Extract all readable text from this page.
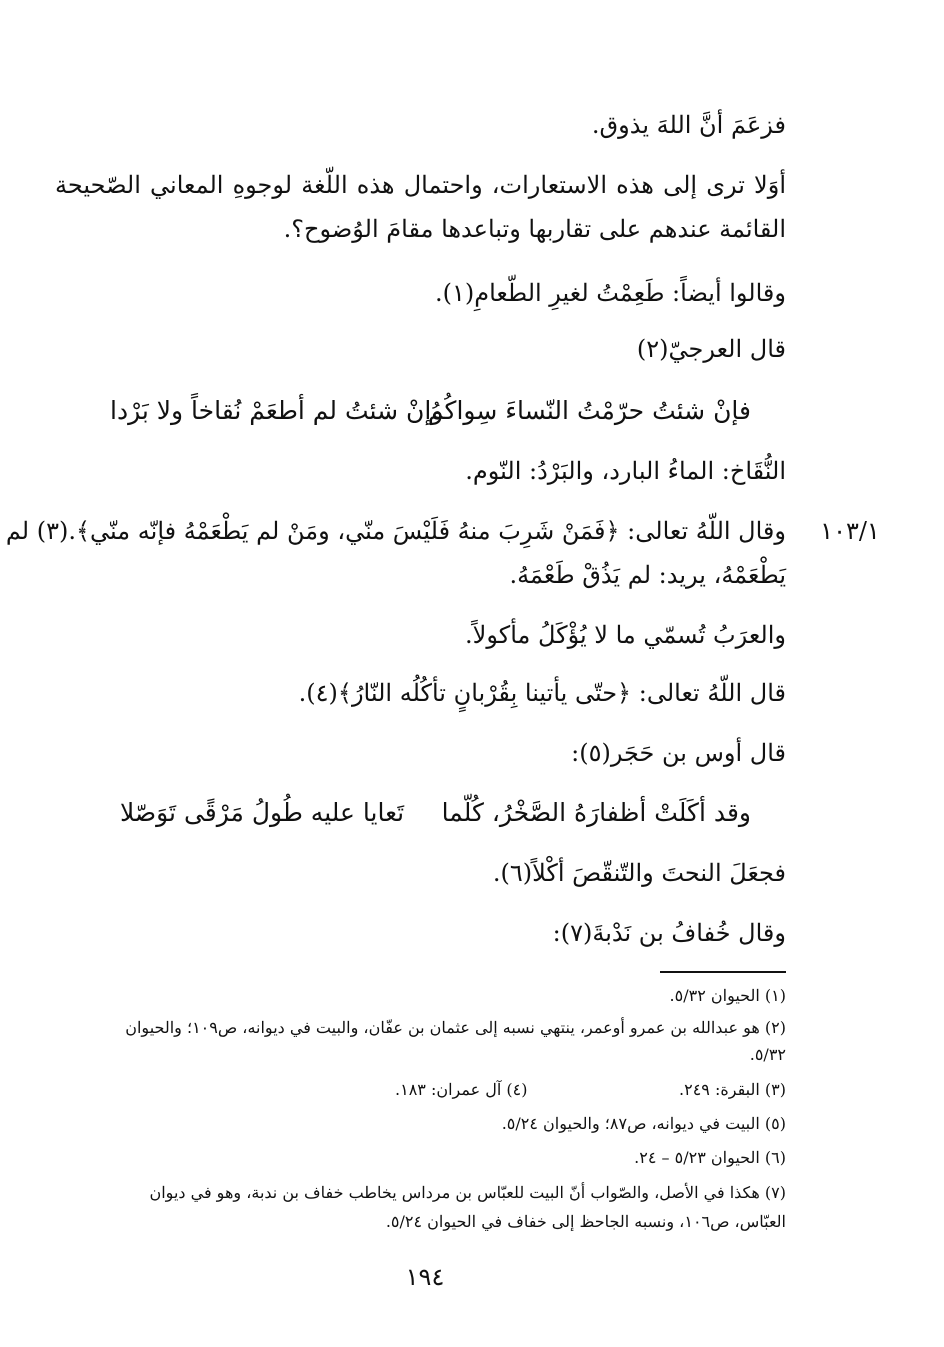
فزعَمَ أنَّ اللهَ يذوق.
أوَلا ترى إلى هذه الاستعارات، واحتمال هذه اللّغة لوجوهِ المعاني الصّحيحة
القائمة عندهم على تقاربها وتباعدها مقامَ الوُضوح؟.
وقالوا أيضاً: طَعِمْتُ لغيرِ الطّعامِ(١).
قال العرجيّ(٢)
فإنْ شئتُ حرّمْتُ النّساءَ سِواكُمُ
وإنْ شئتُ لم أطعَمْ نُقاخاً ولا بَرْدا
النُّقَاخ: الماءُ البارد، والبَرْدُ: النّوم.
وقال اللّهُ تعالى: ﴿فَمَنْ شَرِبَ منهُ فَلَيْسَ منّي، ومَنْ لم يَطْعَمْهُ فإنّه منّي﴾.(٣) لم
يَطْعَمْهُ، يريد: لم يَذُقْ طَعْمَهُ.
والعرَبُ تُسمّي ما لا يُؤْكَلُ مأكولاً.
قال اللّهُ تعالى: ﴿حتّى يأتينا بِقُرْبانٍ تأكُلُه النّارُ﴾(٤).
قال أوس بن حَجَر(٥):
وقد أكَلَتْ أظفارَهُ الصَّخْرُ، كُلّما
تَعايا عليه طُولُ مَرْقًى تَوَصّلا
فجعَلَ النحتَ والتّنقّصَ أكْلاً(٦).
وقال خُفافُ بن نَدْبةَ(٧):
١٠٣/١
(١) الحيوان ٥/٣٢.
(٢) هو عبدالله بن عمرو أوعمر، ينتهي نسبه إلى عثمان بن عفّان، والبيت في ديوانه، ص١٠٩؛ والحيوان
٥/٣٢.
(٣) البقرة: ٢٤٩.
(٤) آل عمران: ١٨٣.
(٥) البيت في ديوانه، ص٨٧؛ والحيوان ٥/٢٤.
(٦) الحيوان ٥/٢٣ – ٢٤.
(٧) هكذا في الأصل، والصّواب أنّ البيت للعبّاس بن مرداس يخاطب خفاف بن ندبة، وهو في ديوان
العبّاس، ص١٠٦، ونسبه الجاحظ إلى خفاف في الحيوان ٥/٢٤.
١٩٤
